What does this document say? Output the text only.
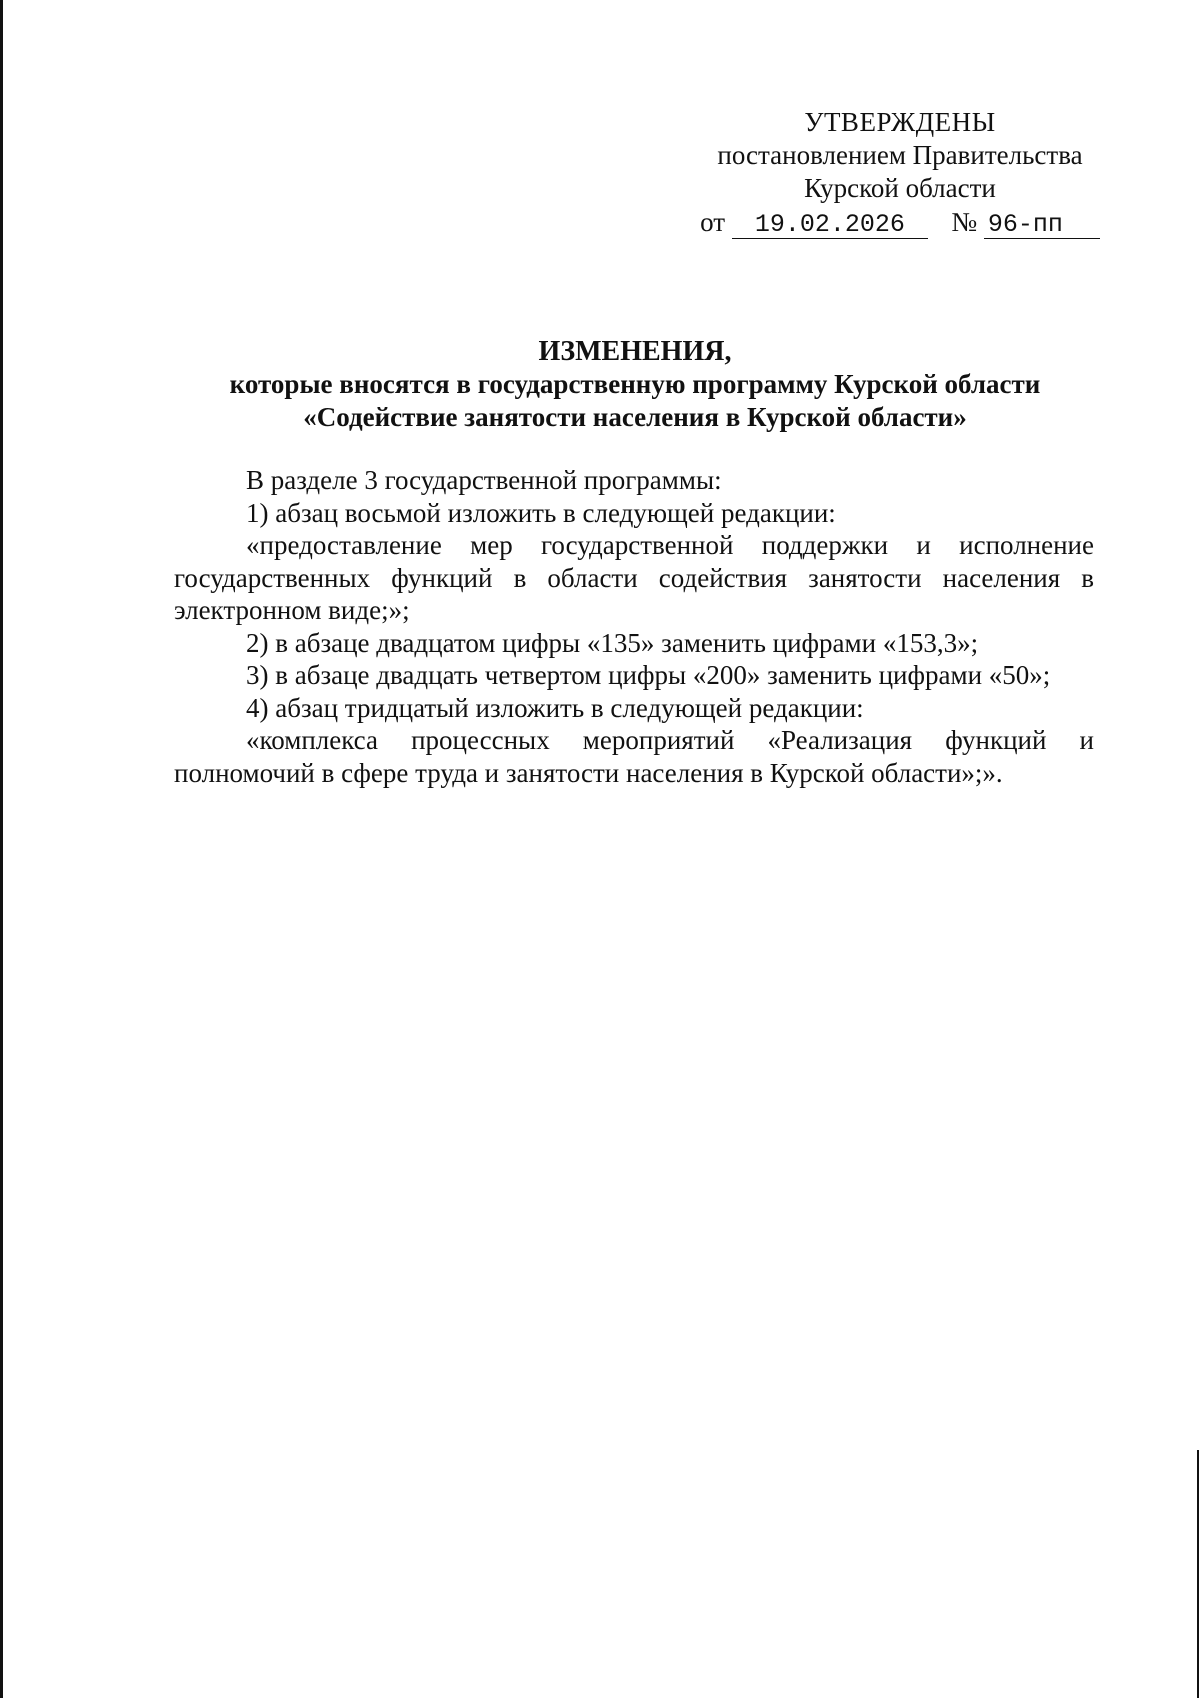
УТВЕРЖДЕНЫ
постановлением Правительства
Курской области
от 19.02.2026 № 96-пп
ИЗМЕНЕНИЯ,
которые вносятся в государственную программу Курской области
«Содействие занятости населения в Курской области»

В разделе 3 государственной программы:

1) абзац восьмой изложить в следующей редакции:

«предоставление мер государственной поддержки и исполнение государственных функций в области содействия занятости населения в электронном виде;»;

2) в абзаце двадцатом цифры «135» заменить цифрами «153,3»;

3) в абзаце двадцать четвертом цифры «200» заменить цифрами «50»;

4) абзац тридцатый изложить в следующей редакции:

«комплекса процессных мероприятий «Реализация функций и полномочий в сфере труда и занятости населения в Курской области»;».
